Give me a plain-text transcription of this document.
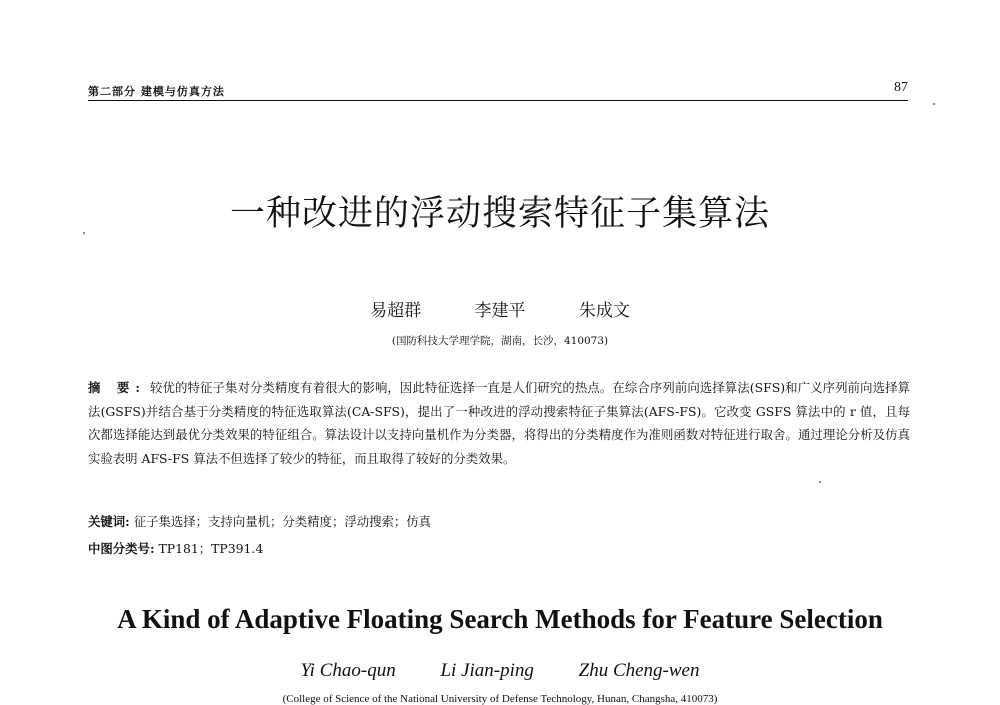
第二部分 建模与仿真方法	87
一种改进的浮动搜索特征子集算法
易超群	李建平	朱成文
(国防科技大学理学院，湖南，长沙，410073)
摘 要: 较优的特征子集对分类精度有着很大的影响，因此特征选择一直是人们研究的热点。在综合序列前向选择算法(SFS)和广义序列前向选择算法(GSFS)并结合基于分类精度的特征选取算法(CA-SFS)，提出了一种改进的浮动搜索特征子集算法(AFS-FS)。它改变 GSFS 算法中的 r 值，且每次都选择能达到最优分类效果的特征组合。算法设计以支持向量机作为分类器，将得出的分类精度作为准则函数对特征进行取舍。通过理论分析及仿真实验表明 AFS-FS 算法不但选择了较少的特征，而且取得了较好的分类效果。
关键词: 征子集选择；支持向量机；分类精度；浮动搜索；仿真
中图分类号: TP181；TP391.4
A Kind of Adaptive Floating Search Methods for Feature Selection
Yi Chao-qun Li Jian-ping Zhu Cheng-wen
(College of Science of the National University of Defense Technology, Hunan, Changsha, 410073)
